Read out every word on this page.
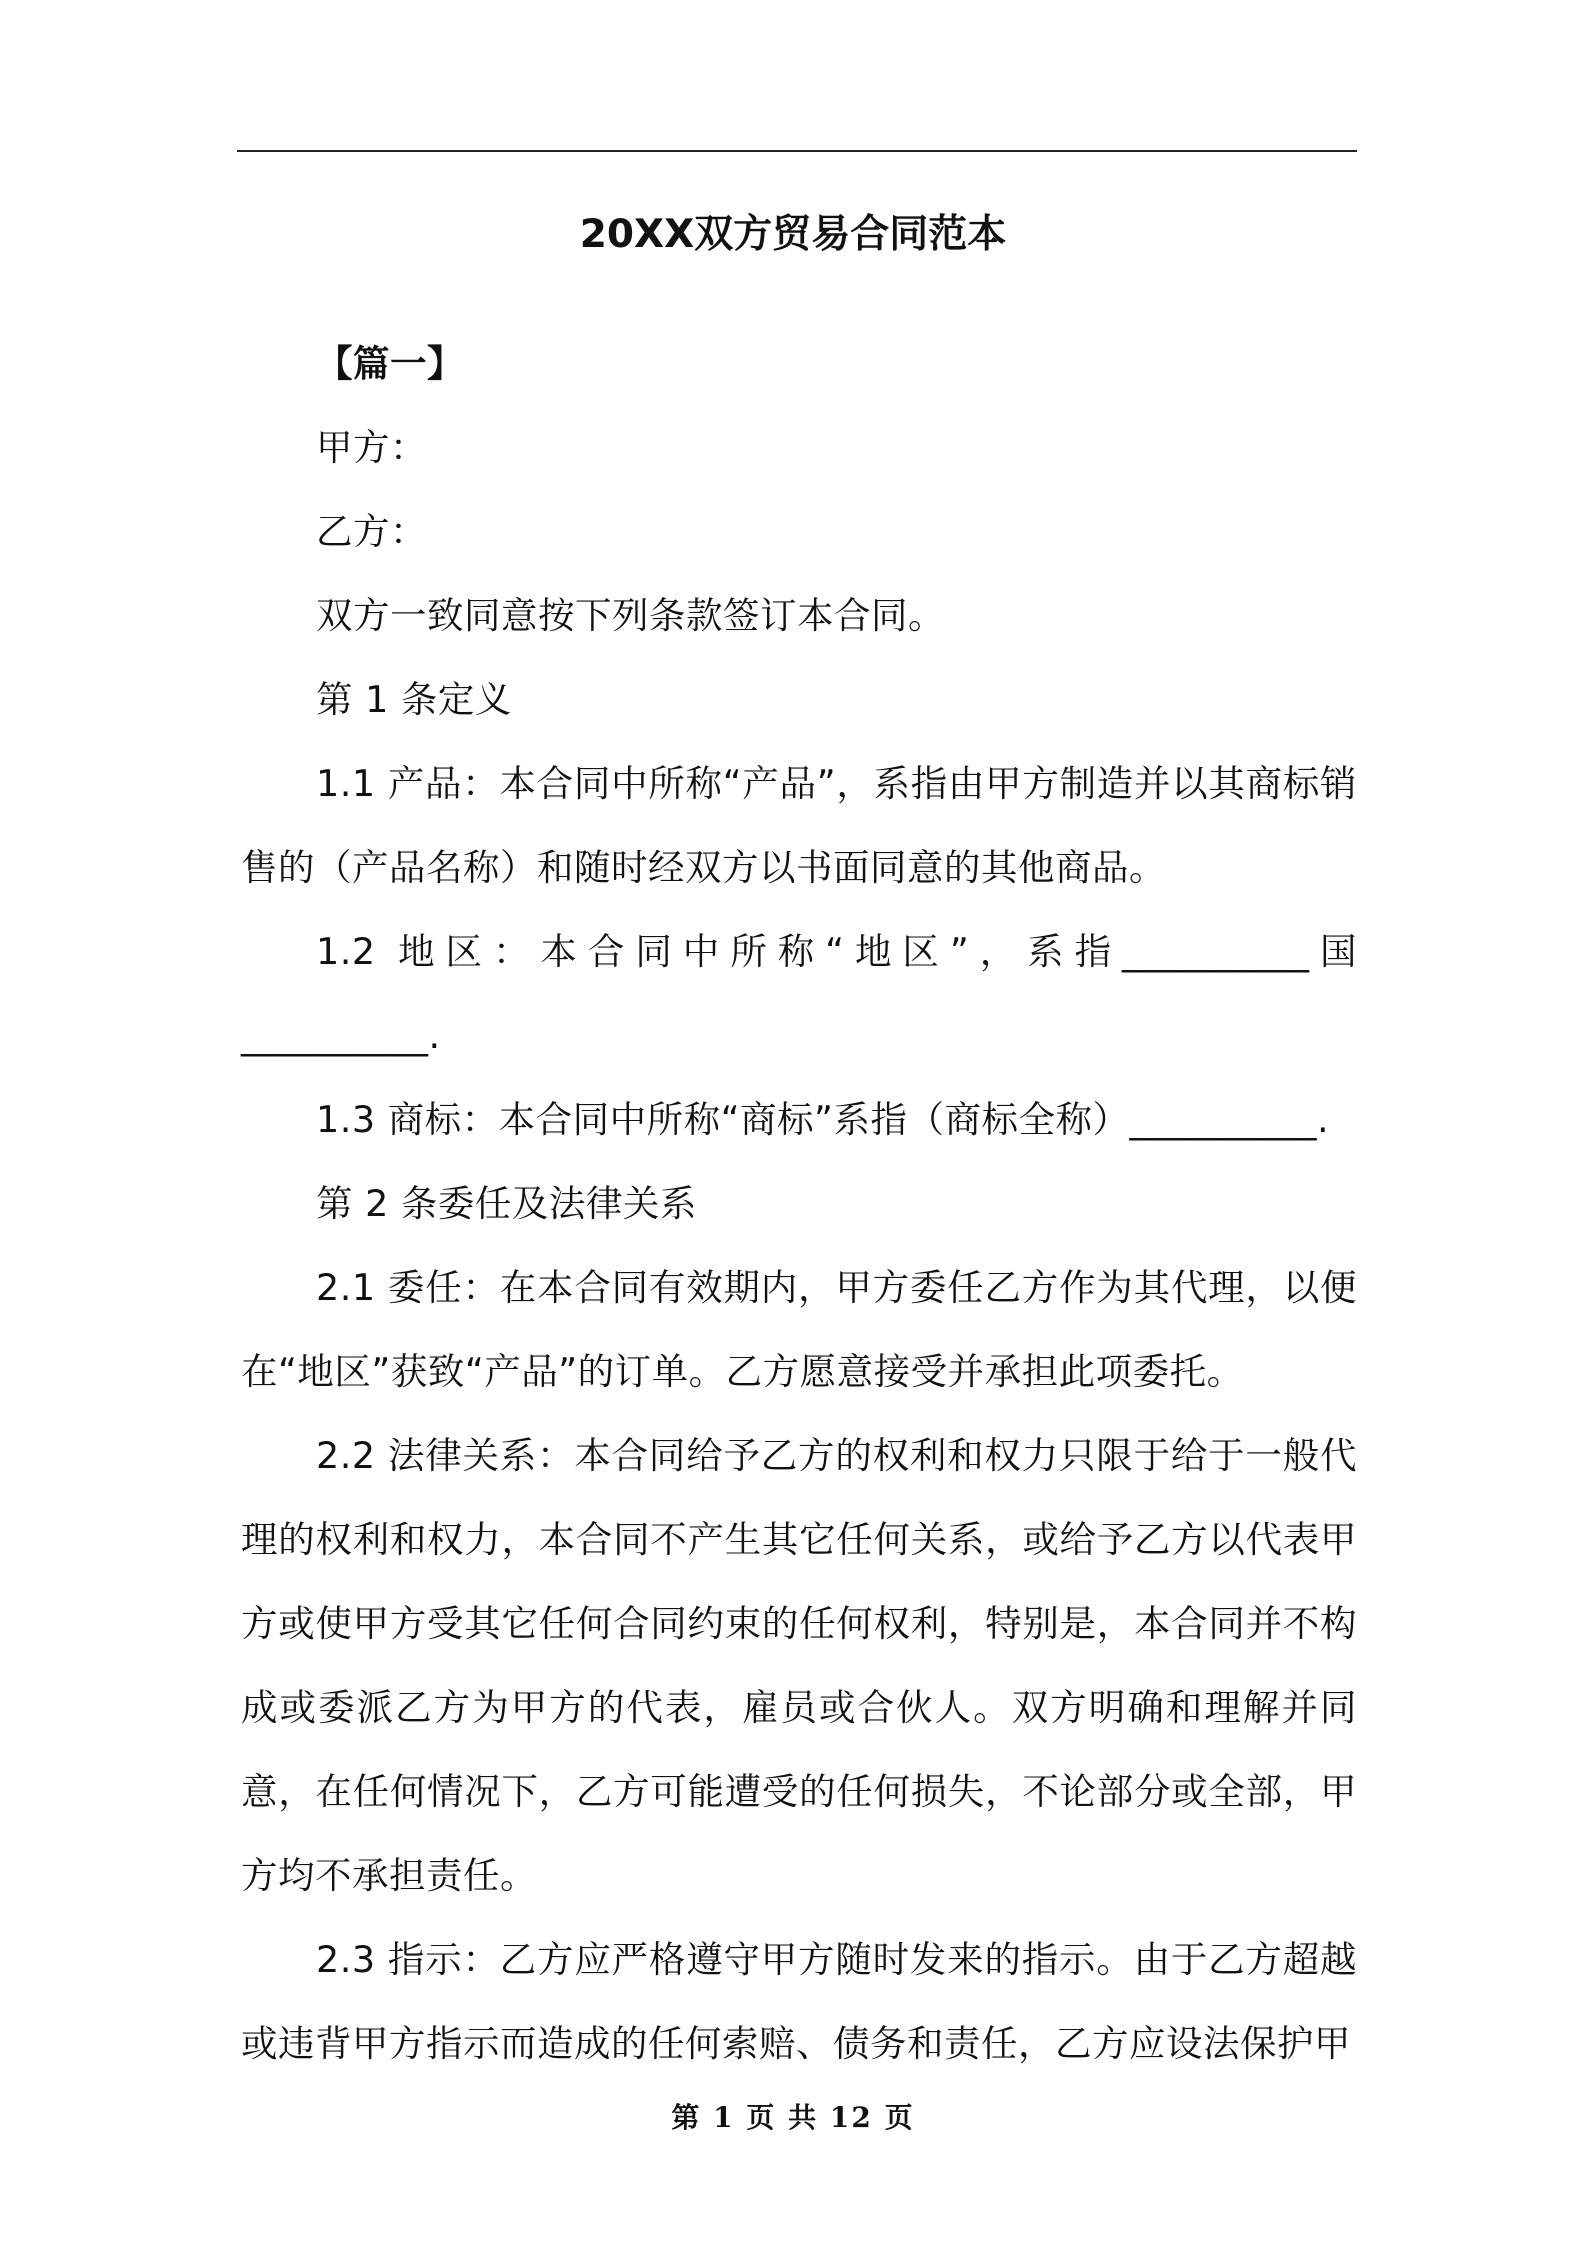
20XX双方贸易合同范本

【篇一】

甲方：

乙方：

双方一致同意按下列条款签订本合同。

第 1 条定义

1.1 产品：本合同中所称“产品”，系指由甲方制造并以其商标销售的（产品名称）和随时经双方以书面同意的其他商品。

1.2 地区：本合同中所称“地区”，系指__________国__________.

1.3 商标：本合同中所称“商标”系指（商标全称）__________.

第 2 条委任及法律关系

2.1 委任：在本合同有效期内，甲方委任乙方作为其代理，以便在“地区”获致“产品”的订单。乙方愿意接受并承担此项委托。

2.2 法律关系：本合同给予乙方的权利和权力只限于给于一般代理的权利和权力，本合同不产生其它任何关系，或给予乙方以代表甲方或使甲方受其它任何合同约束的任何权利，特别是，本合同并不构成或委派乙方为甲方的代表，雇员或合伙人。双方明确和理解并同意，在任何情况下，乙方可能遭受的任何损失，不论部分或全部，甲方均不承担责任。

2.3 指示：乙方应严格遵守甲方随时发来的指示。由于乙方超越或违背甲方指示而造成的任何索赔、债务和责任，乙方应设法保护甲

第 1 页 共 12 页
